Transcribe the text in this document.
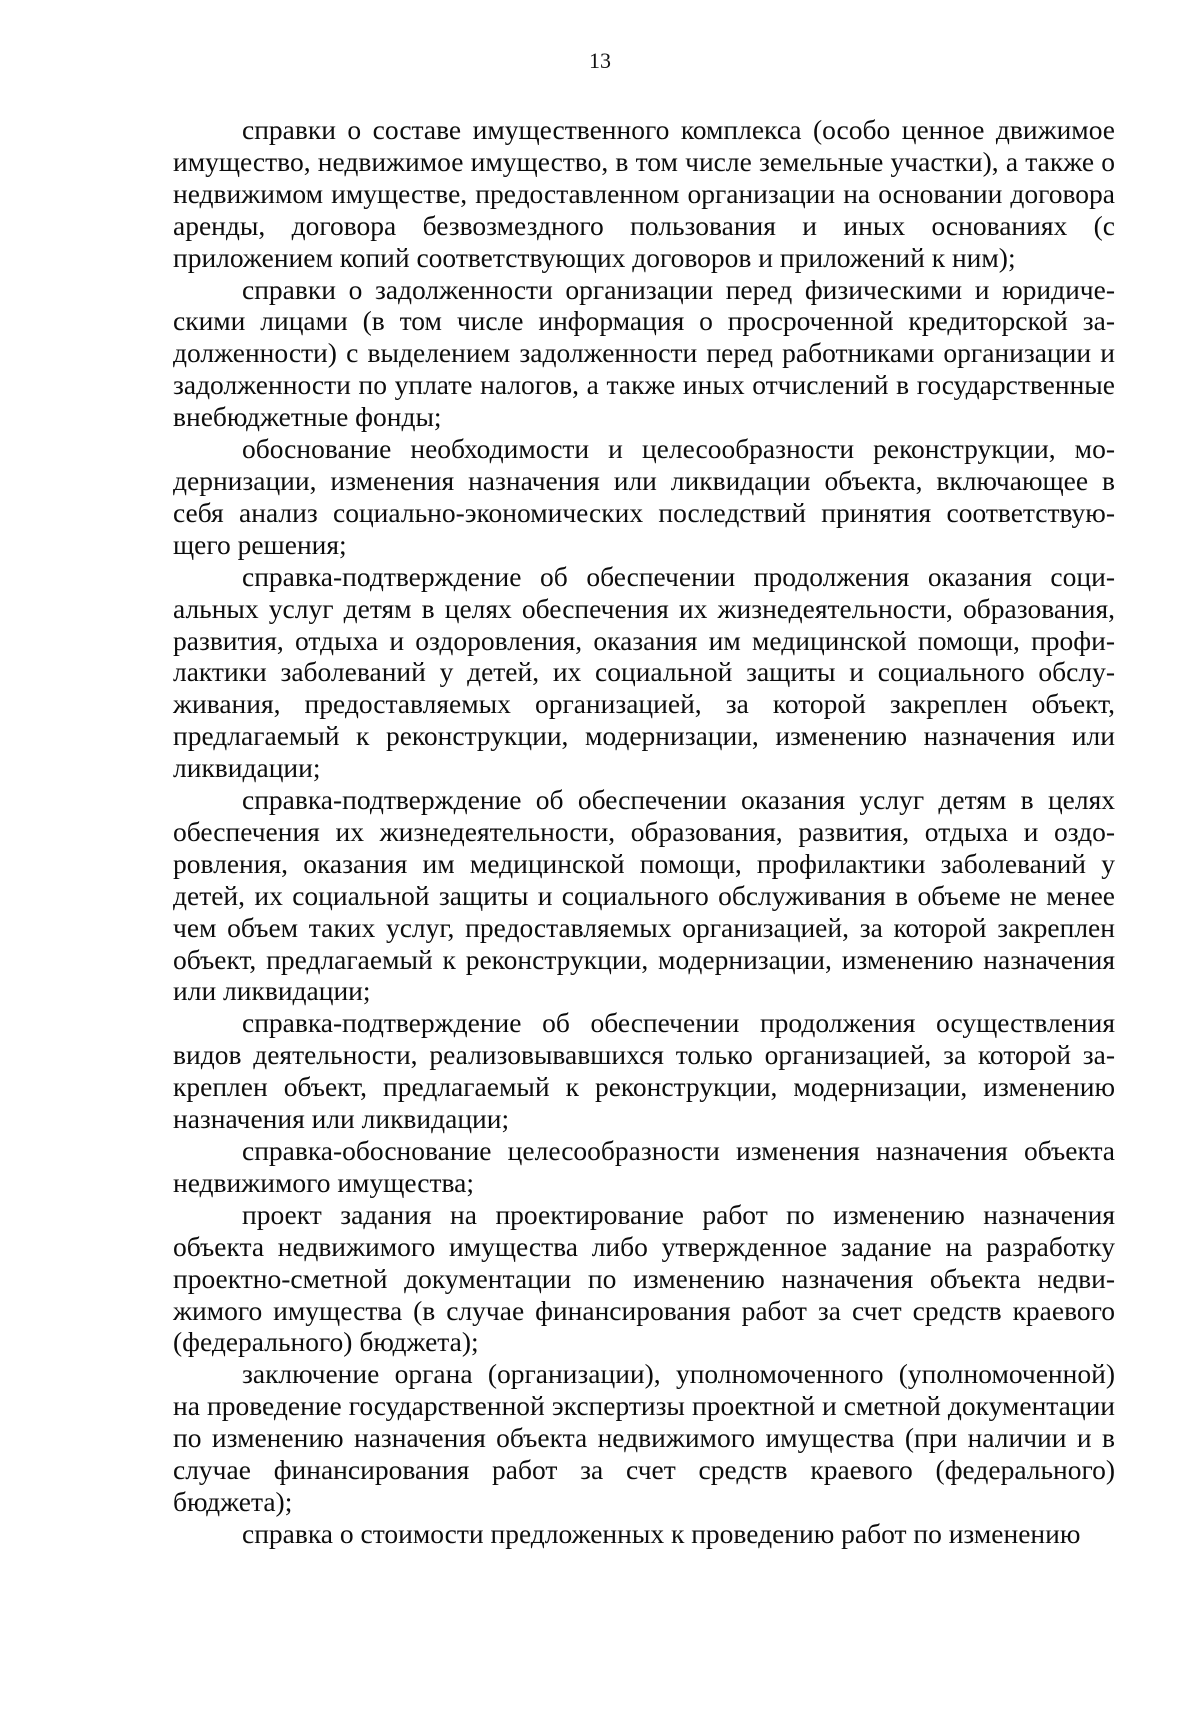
13

справки о составе имущественного комплекса (особо ценное движимое имущество, недвижимое имущество, в том числе земельные участки), а также о недвижимом имуществе, предоставленном организации на основании договора аренды, договора безвозмездного пользования и иных основаниях (с приложением копий соответствующих договоров и приложений к ним);

справки о задолженности организации перед физическими и юридическими лицами (в том числе информация о просроченной кредиторской задолженности) с выделением задолженности перед работниками организации и задолженности по уплате налогов, а также иных отчислений в государственные внебюджетные фонды;

обоснование необходимости и целесообразности реконструкции, модернизации, изменения назначения или ликвидации объекта, включающее в себя анализ социально-экономических последствий принятия соответствующего решения;

справка-подтверждение об обеспечении продолжения оказания социальных услуг детям в целях обеспечения их жизнедеятельности, образования, развития, отдыха и оздоровления, оказания им медицинской помощи, профилактики заболеваний у детей, их социальной защиты и социального обслуживания, предоставляемых организацией, за которой закреплен объект, предлагаемый к реконструкции, модернизации, изменению назначения или ликвидации;

справка-подтверждение об обеспечении оказания услуг детям в целях обеспечения их жизнедеятельности, образования, развития, отдыха и оздоровления, оказания им медицинской помощи, профилактики заболеваний у детей, их социальной защиты и социального обслуживания в объеме не менее чем объем таких услуг, предоставляемых организацией, за которой закреплен объект, предлагаемый к реконструкции, модернизации, изменению назначения или ликвидации;

справка-подтверждение об обеспечении продолжения осуществления видов деятельности, реализовывавшихся только организацией, за которой закреплен объект, предлагаемый к реконструкции, модернизации, изменению назначения или ликвидации;

справка-обоснование целесообразности изменения назначения объекта недвижимого имущества;

проект задания на проектирование работ по изменению назначения объекта недвижимого имущества либо утвержденное задание на разработку проектно-сметной документации по изменению назначения объекта недвижимого имущества (в случае финансирования работ за счет средств краевого (федерального) бюджета);

заключение органа (организации), уполномоченного (уполномоченной) на проведение государственной экспертизы проектной и сметной документации по изменению назначения объекта недвижимого имущества (при наличии и в случае финансирования работ за счет средств краевого (федерального) бюджета);

справка о стоимости предложенных к проведению работ по изменению
